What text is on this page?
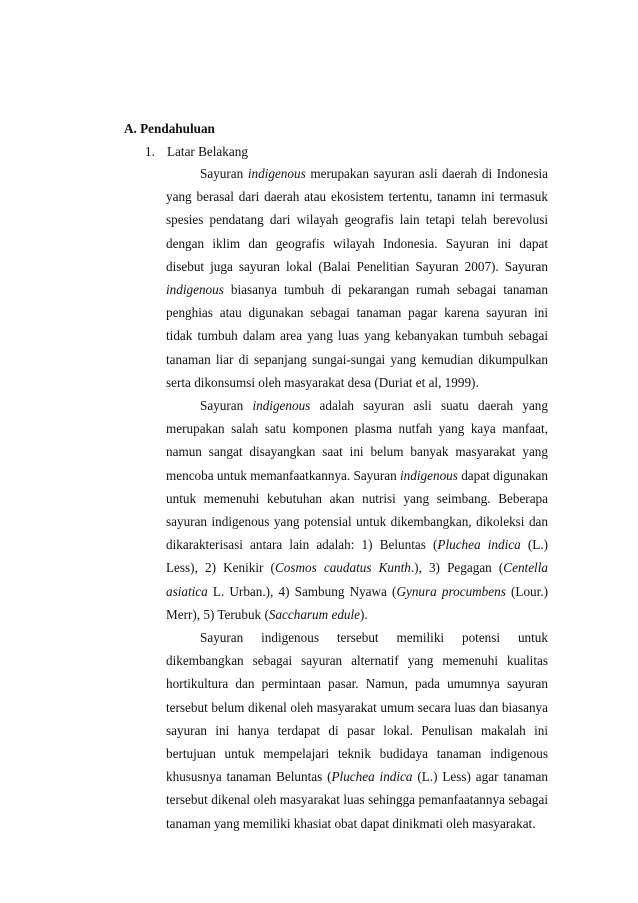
A. Pendahuluan
1. Latar Belakang

Sayuran indigenous merupakan sayuran asli daerah di Indonesia yang berasal dari daerah atau ekosistem tertentu, tanamn ini termasuk spesies pendatang dari wilayah geografis lain tetapi telah berevolusi dengan iklim dan geografis wilayah Indonesia. Sayuran ini dapat disebut juga sayuran lokal (Balai Penelitian Sayuran 2007). Sayuran indigenous biasanya tumbuh di pekarangan rumah sebagai tanaman penghias atau digunakan sebagai tanaman pagar karena sayuran ini tidak tumbuh dalam area yang luas yang kebanyakan tumbuh sebagai tanaman liar di sepanjang sungai-sungai yang kemudian dikumpulkan serta dikonsumsi oleh masyarakat desa (Duriat et al, 1999).

Sayuran indigenous adalah sayuran asli suatu daerah yang merupakan salah satu komponen plasma nutfah yang kaya manfaat, namun sangat disayangkan saat ini belum banyak masyarakat yang mencoba untuk memanfaatkannya. Sayuran indigenous dapat digunakan untuk memenuhi kebutuhan akan nutrisi yang seimbang. Beberapa sayuran indigenous yang potensial untuk dikembangkan, dikoleksi dan dikarakterisasi antara lain adalah: 1) Beluntas (Pluchea indica (L.) Less), 2) Kenikir (Cosmos caudatus Kunth.), 3) Pegagan (Centella asiatica L. Urban.), 4) Sambung Nyawa (Gynura procumbens (Lour.) Merr), 5) Terubuk (Saccharum edule).

Sayuran indigenous tersebut memiliki potensi untuk dikembangkan sebagai sayuran alternatif yang memenuhi kualitas hortikultura dan permintaan pasar. Namun, pada umumnya sayuran tersebut belum dikenal oleh masyarakat umum secara luas dan biasanya sayuran ini hanya terdapat di pasar lokal. Penulisan makalah ini bertujuan untuk mempelajari teknik budidaya tanaman indigenous khususnya tanaman Beluntas (Pluchea indica (L.) Less) agar tanaman tersebut dikenal oleh masyarakat luas sehingga pemanfaatannya sebagai tanaman yang memiliki khasiat obat dapat dinikmati oleh masyarakat.
